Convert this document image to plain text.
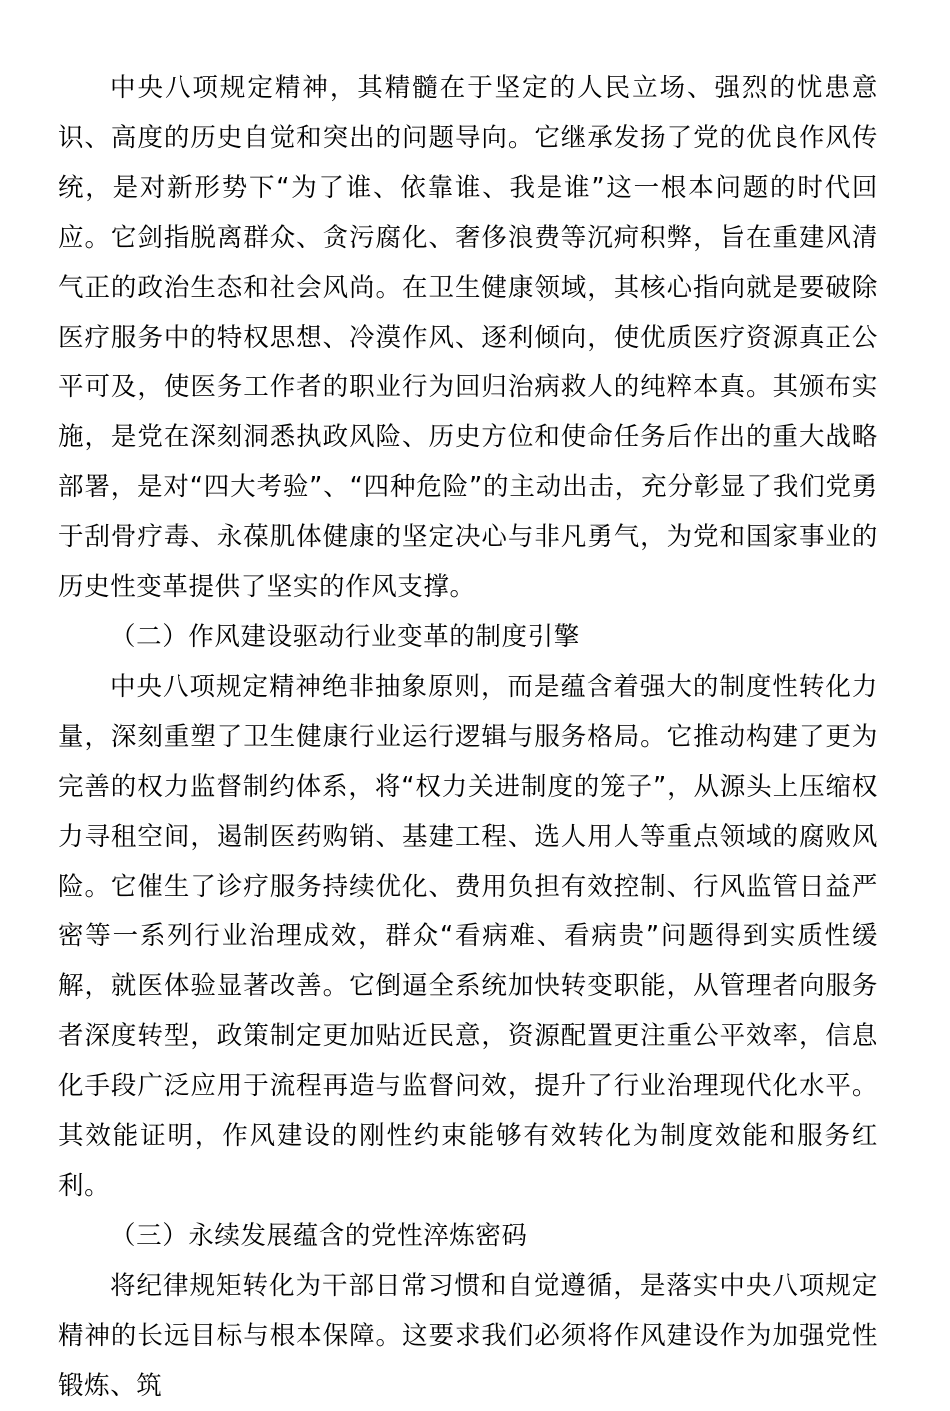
中央八项规定精神，其精髓在于坚定的人民立场、强烈的忧患意识、高度的历史自觉和突出的问题导向。它继承发扬了党的优良作风传统，是对新形势下“为了谁、依靠谁、我是谁”这一根本问题的时代回应。它剑指脱离群众、贪污腐化、奢侈浪费等沉疴积弊，旨在重建风清气正的政治生态和社会风尚。在卫生健康领域，其核心指向就是要破除医疗服务中的特权思想、冷漠作风、逐利倾向，使优质医疗资源真正公平可及，使医务工作者的职业行为回归治病救人的纯粹本真。其颁布实施，是党在深刻洞悉执政风险、历史方位和使命任务后作出的重大战略部署，是对“四大考验”、“四种危险”的主动出击，充分彰显了我们党勇于刮骨疗毒、永葆肌体健康的坚定决心与非凡勇气，为党和国家事业的历史性变革提供了坚实的作风支撑。

（二）作风建设驱动行业变革的制度引擎

中央八项规定精神绝非抽象原则，而是蕴含着强大的制度性转化力量，深刻重塑了卫生健康行业运行逻辑与服务格局。它推动构建了更为完善的权力监督制约体系，将“权力关进制度的笼子”，从源头上压缩权力寻租空间，遏制医药购销、基建工程、选人用人等重点领域的腐败风险。它催生了诊疗服务持续优化、费用负担有效控制、行风监管日益严密等一系列行业治理成效，群众“看病难、看病贵”问题得到实质性缓解，就医体验显著改善。它倒逼全系统加快转变职能，从管理者向服务者深度转型，政策制定更加贴近民意，资源配置更注重公平效率，信息化手段广泛应用于流程再造与监督问效，提升了行业治理现代化水平。其效能证明，作风建设的刚性约束能够有效转化为制度效能和服务红利。

（三）永续发展蕴含的党性淬炼密码

将纪律规矩转化为干部日常习惯和自觉遵循，是落实中央八项规定精神的长远目标与根本保障。这要求我们必须将作风建设作为加强党性锻炼、筑
